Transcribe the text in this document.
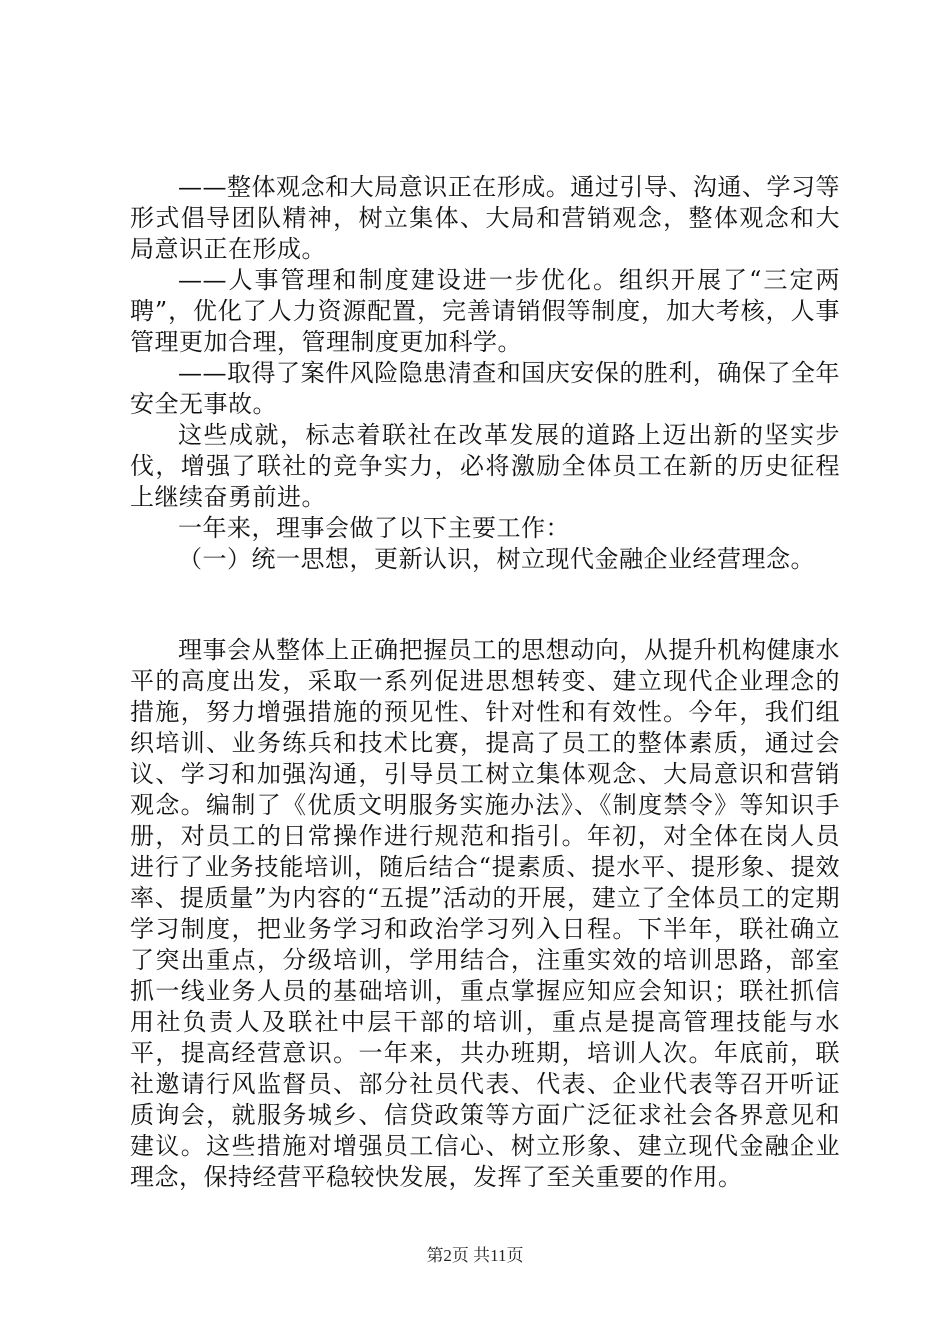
——整体观念和大局意识正在形成。通过引导、沟通、学习等形式倡导团队精神，树立集体、大局和营销观念，整体观念和大局意识正在形成。

——人事管理和制度建设进一步优化。组织开展了“三定两聘”，优化了人力资源配置，完善请销假等制度，加大考核，人事管理更加合理，管理制度更加科学。

——取得了案件风险隐患清查和国庆安保的胜利，确保了全年安全无事故。

这些成就，标志着联社在改革发展的道路上迈出新的坚实步伐，增强了联社的竞争实力，必将激励全体员工在新的历史征程上继续奋勇前进。

一年来，理事会做了以下主要工作：

（一）统一思想，更新认识，树立现代金融企业经营理念。

理事会从整体上正确把握员工的思想动向，从提升机构健康水平的高度出发，采取一系列促进思想转变、建立现代企业理念的措施，努力增强措施的预见性、针对性和有效性。今年，我们组织培训、业务练兵和技术比赛，提高了员工的整体素质，通过会议、学习和加强沟通，引导员工树立集体观念、大局意识和营销观念。编制了《优质文明服务实施办法》、《制度禁令》等知识手册，对员工的日常操作进行规范和指引。年初，对全体在岗人员进行了业务技能培训，随后结合“提素质、提水平、提形象、提效率、提质量”为内容的“五提”活动的开展，建立了全体员工的定期学习制度，把业务学习和政治学习列入日程。下半年，联社确立了突出重点，分级培训，学用结合，注重实效的培训思路，部室抓一线业务人员的基础培训，重点掌握应知应会知识；联社抓信用社负责人及联社中层干部的培训，重点是提高管理技能与水平，提高经营意识。一年来，共办班期，培训人次。年底前，联社邀请行风监督员、部分社员代表、代表、企业代表等召开听证质询会，就服务城乡、信贷政策等方面广泛征求社会各界意见和建议。这些措施对增强员工信心、树立形象、建立现代金融企业理念，保持经营平稳较快发展，发挥了至关重要的作用。

第2页 共11页
